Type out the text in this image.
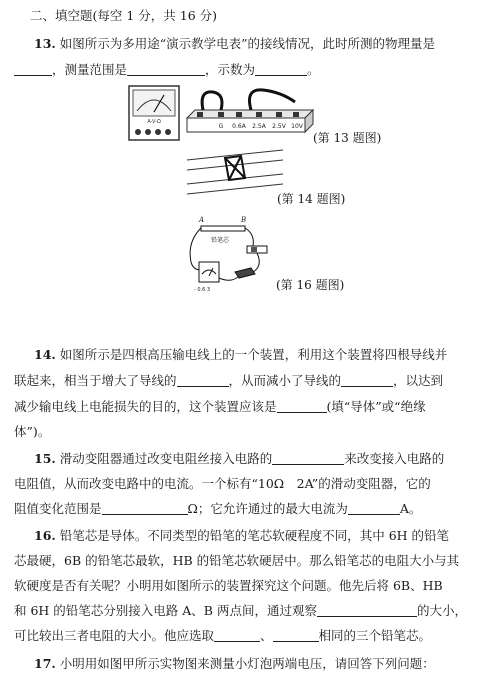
二、填空题(每空 1 分，共 16 分)
13. 如图所示为多用途“演示教学电表”的接线情况，此时所测的物理量是
，测量范围是	，示数为	。
A-V-Ω
G 0.6A 2.5A 2.5V 10V
(第 13 题图)
(第 14 题图)
A	B
铅笔芯
- 0.6 3	(第 16 题图)
14. 如图所示是四根高压输电线上的一个装置，利用这个装置将四根导线并
联起来，相当于增大了导线的	，从而减小了导线的	，以达到
减少输电线上电能损失的目的，这个装置应该是	(填“导体”或“绝缘
体”)。
15. 滑动变阻器通过改变电阻丝接入电路的	来改变接入电路的
电阻值，从而改变电路中的电流。一个标有“10Ω　2A”的滑动变阻器，它的
阻值变化范围是	Ω；它允许通过的最大电流为	A。
16. 铅笔芯是导体。不同类型的铅笔的笔芯软硬程度不同，其中 6H 的铅笔
芯最硬，6B 的铅笔芯最软，HB 的铅笔芯软硬居中。那么铅笔芯的电阻大小与其
软硬度是否有关呢？小明用如图所示的装置探究这个问题。他先后将 6B、HB
和 6H 的铅笔芯分别接入电路 A、B 两点间，通过观察	的大小，
可比较出三者电阻的大小。他应选取	、	相同的三个铅笔芯。
17. 小明用如图甲所示实物图来测量小灯泡两端电压，请回答下列问题：
